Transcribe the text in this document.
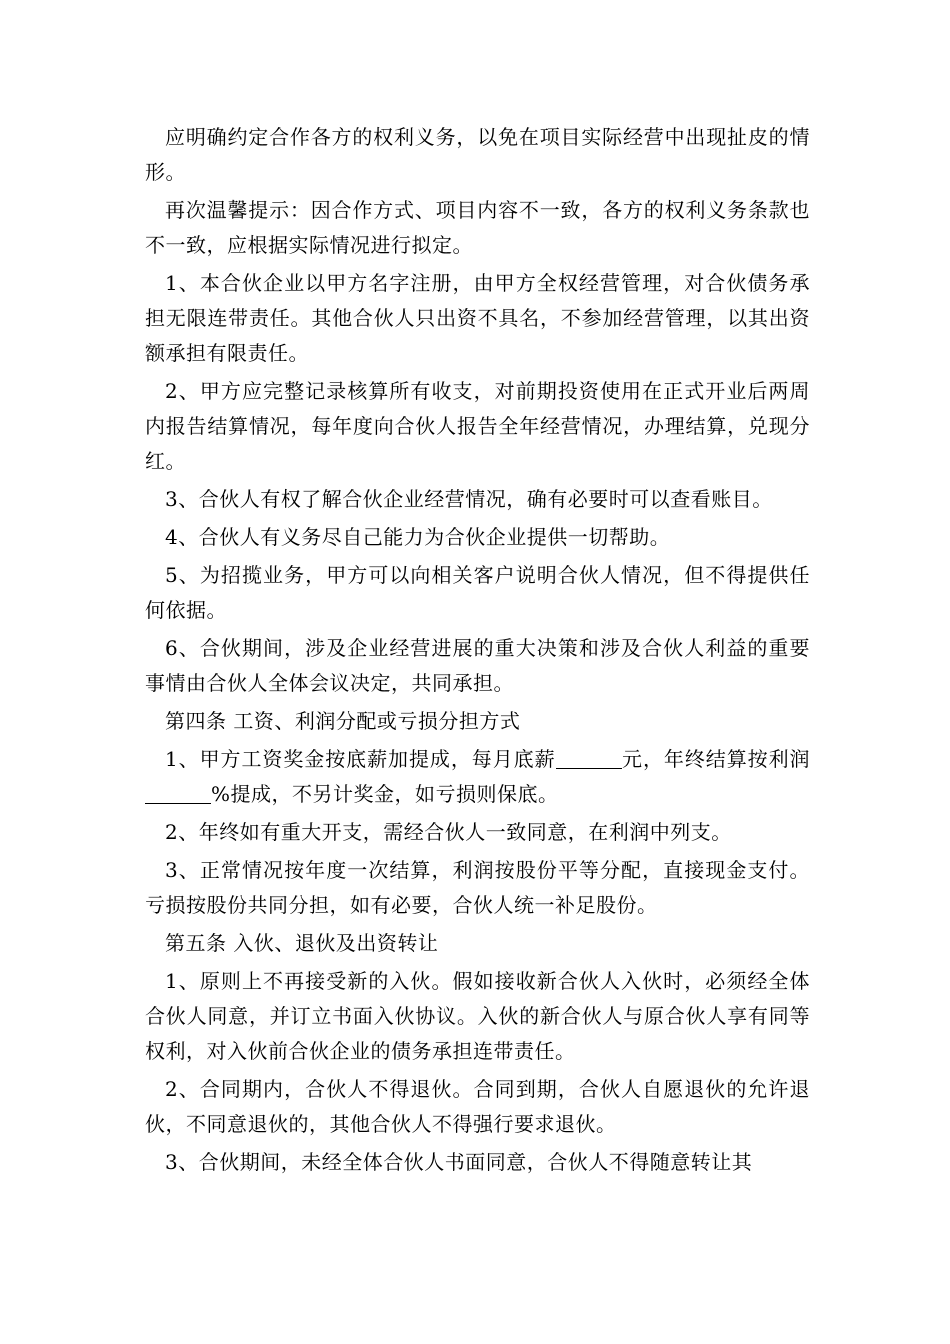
应明确约定合作各方的权利义务，以免在项目实际经营中出现扯皮的情形。

再次温馨提示：因合作方式、项目内容不一致，各方的权利义务条款也不一致，应根据实际情况进行拟定。

1、本合伙企业以甲方名字注册，由甲方全权经营管理，对合伙债务承担无限连带责任。其他合伙人只出资不具名，不参加经营管理，以其出资额承担有限责任。

2、甲方应完整记录核算所有收支，对前期投资使用在正式开业后两周内报告结算情况，每年度向合伙人报告全年经营情况，办理结算，兑现分红。

3、合伙人有权了解合伙企业经营情况，确有必要时可以查看账目。

4、合伙人有义务尽自己能力为合伙企业提供一切帮助。

5、为招揽业务，甲方可以向相关客户说明合伙人情况，但不得提供任何依据。

6、合伙期间，涉及企业经营进展的重大决策和涉及合伙人利益的重要事情由合伙人全体会议决定，共同承担。

第四条 工资、利润分配或亏损分担方式

1、甲方工资奖金按底薪加提成，每月底薪	元，年终结算按利润%提成，不另计奖金，如亏损则保底。

2、年终如有重大开支，需经合伙人一致同意，在利润中列支。

3、正常情况按年度一次结算，利润按股份平等分配，直接现金支付。亏损按股份共同分担，如有必要，合伙人统一补足股份。

第五条 入伙、退伙及出资转让

1、原则上不再接受新的入伙。假如接收新合伙人入伙时，必须经全体合伙人同意，并订立书面入伙协议。入伙的新合伙人与原合伙人享有同等权利，对入伙前合伙企业的债务承担连带责任。

2、合同期内，合伙人不得退伙。合同到期，合伙人自愿退伙的允许退伙，不同意退伙的，其他合伙人不得强行要求退伙。

3、合伙期间，未经全体合伙人书面同意，合伙人不得随意转让其
